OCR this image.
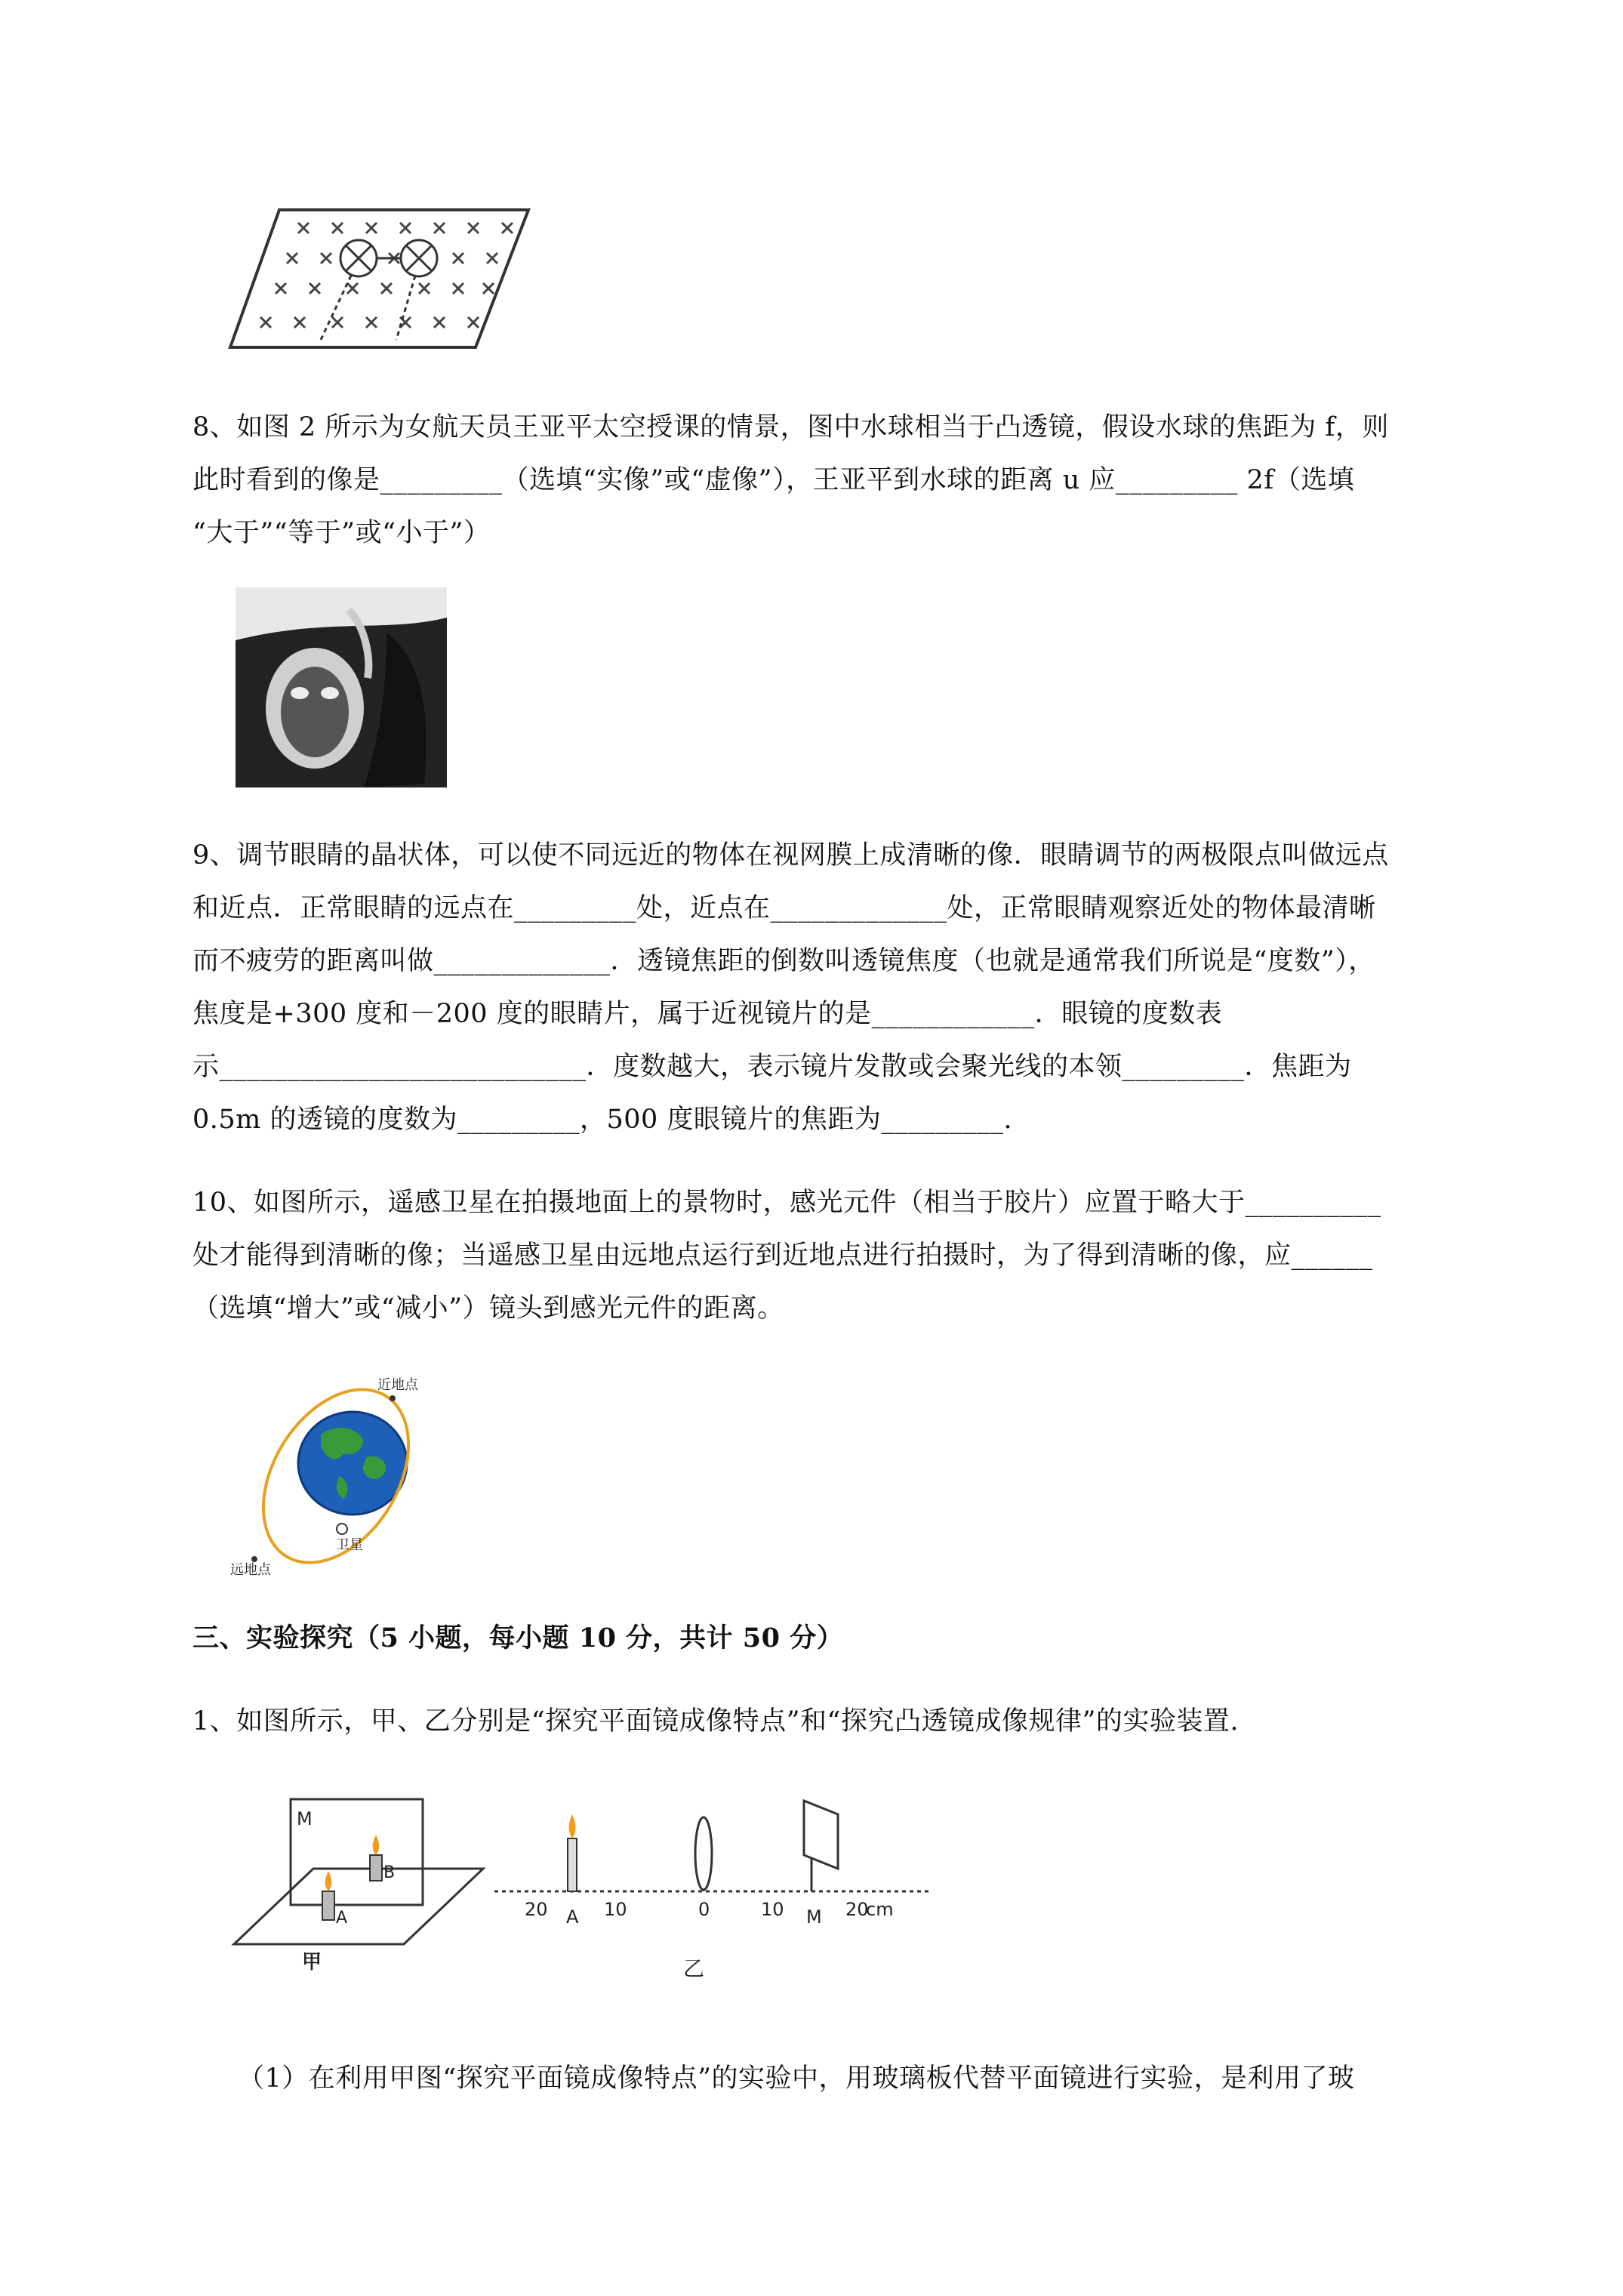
8、如图 2 所示为女航天员王亚平太空授课的情景，图中水球相当于凸透镜，假设水球的焦距为 f，则
此时看到的像是_________（选填“实像”或“虚像”），王亚平到水球的距离 u 应_________ 2f（选填
“大于”“等于”或“小于”）
9、调节眼睛的晶状体，可以使不同远近的物体在视网膜上成清晰的像．眼睛调节的两极限点叫做远点
和近点．正常眼睛的远点在_________处，近点在_____________处，正常眼睛观察近处的物体最清晰
而不疲劳的距离叫做_____________．透镜焦距的倒数叫透镜焦度（也就是通常我们所说是“度数”），
焦度是+300 度和－200 度的眼睛片，属于近视镜片的是____________．眼镜的度数表
示___________________________．度数越大，表示镜片发散或会聚光线的本领_________．焦距为
0.5m 的透镜的度数为_________，500 度眼镜片的焦距为_________.
10、如图所示，遥感卫星在拍摄地面上的景物时，感光元件（相当于胶片）应置于略大于__________
处才能得到清晰的像；当遥感卫星由远地点运行到近地点进行拍摄时，为了得到清晰的像，应______
（选填“增大”或“减小”）镜头到感光元件的距离。
近地点
远地点
卫星
三、实验探究（5 小题，每小题 10 分，共计 50 分）
1、如图所示，甲、乙分别是“探究平面镜成像特点”和“探究凸透镜成像规律”的实验装置.
M
B
A
甲
20 A 10	0	10 M 20
cm
乙
（1）在利用甲图“探究平面镜成像特点”的实验中，用玻璃板代替平面镜进行实验，是利用了玻
